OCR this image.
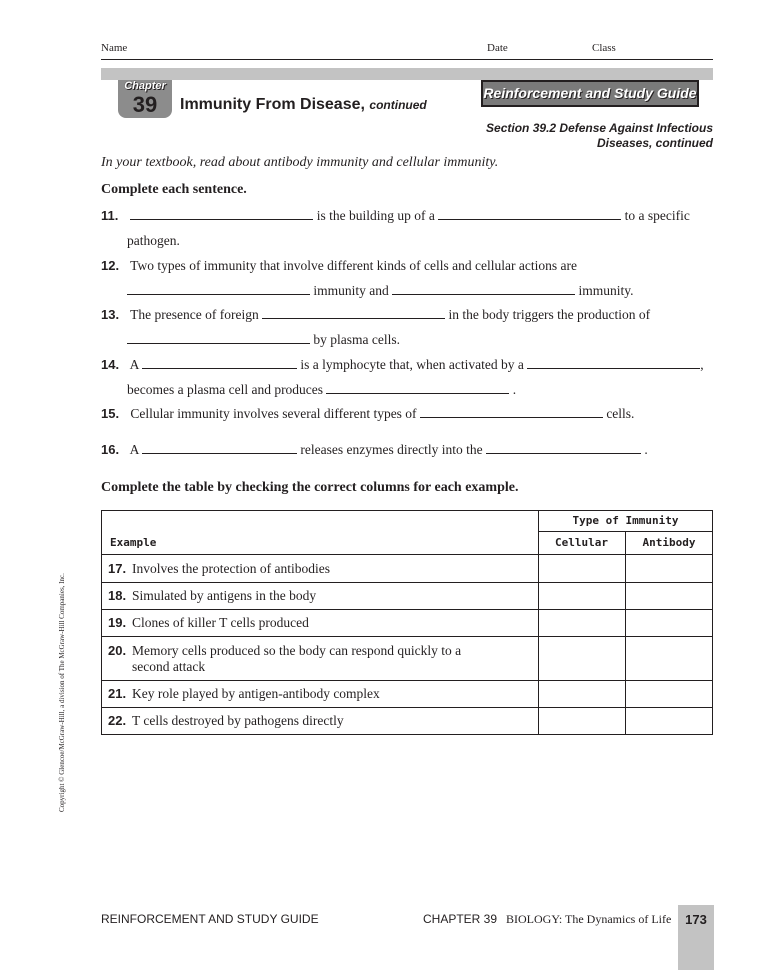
Name	Date	Class
Chapter
39	Immunity From Disease, continued
Reinforcement and Study Guide
Section 39.2 Defense Against Infectious
Diseases, continued
In your textbook, read about antibody immunity and cellular immunity.
Complete each sentence.
11.	is the building up of a	to a specific
pathogen.
12. Two types of immunity that involve different kinds of cells and cellular actions are
immunity and	immunity.
13. The presence of foreign	in the body triggers the production of
by plasma cells.
14. A	is a lymphocyte that, when activated by a	,
becomes a plasma cell and produces	.
15. Cellular immunity involves several different types of	cells.
16. A	releases enzymes directly into the	.
Complete the table by checking the correct columns for each example.
Type of Immunity
Example	Cellular	Antibody
17. Involves the protection of antibodies
18. Simulated by antigens in the body
19. Clones of killer T cells produced
20. Memory cells produced so the body can respond quickly to a
second attack
21. Key role played by antigen-antibody complex
22. T cells destroyed by pathogens directly
Copyright © Glencoe/McGraw-Hill, a division of The McGraw-Hill Companies, Inc.
REINFORCEMENT AND STUDY GUIDE	CHAPTER 39 BIOLOGY: The Dynamics of Life	173
